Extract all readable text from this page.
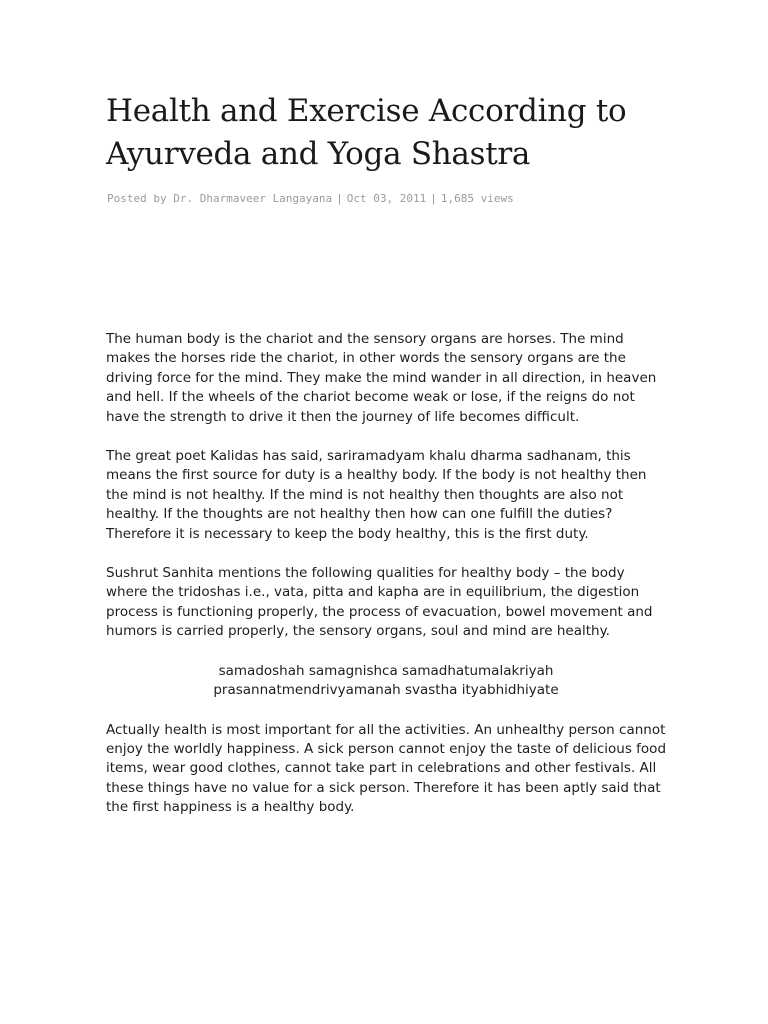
Health and Exercise According to Ayurveda and Yoga Shastra
Posted by Dr. Dharmaveer Langayana | Oct 03, 2011 | 1,685 views

The human body is the chariot and the sensory organs are horses. The mind makes the horses ride the chariot, in other words the sensory organs are the driving force for the mind. They make the mind wander in all direction, in heaven and hell. If the wheels of the chariot become weak or lose, if the reigns do not have the strength to drive it then the journey of life becomes difficult.

The great poet Kalidas has said, sariramadyam khalu dharma sadhanam, this means the first source for duty is a healthy body. If the body is not healthy then the mind is not healthy. If the mind is not healthy then thoughts are also not healthy. If the thoughts are not healthy then how can one fulfill the duties? Therefore it is necessary to keep the body healthy, this is the first duty.

Sushrut Sanhita mentions the following qualities for healthy body – the body where the tridoshas i.e., vata, pitta and kapha are in equilibrium, the digestion process is functioning properly, the process of evacuation, bowel movement and humors is carried properly, the sensory organs, soul and mind are healthy.

samadoshah samagnishca samadhatumalakriyah
prasannatmendrivyamanah svastha ityabhidhiyate

Actually health is most important for all the activities. An unhealthy person cannot enjoy the worldly happiness. A sick person cannot enjoy the taste of delicious food items, wear good clothes, cannot take part in celebrations and other festivals. All these things have no value for a sick person. Therefore it has been aptly said that the first happiness is a healthy body.
